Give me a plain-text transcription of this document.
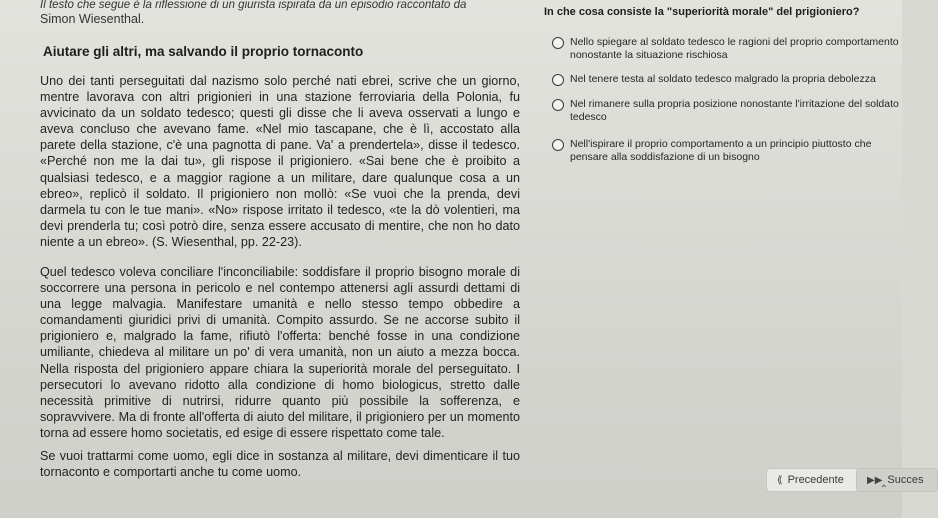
Il testo che segue è la riflessione di un giurista ispirata da un episodio raccontato da
Simon Wiesenthal.
Aiutare gli altri, ma salvando il proprio tornaconto

Uno dei tanti perseguitati dal nazismo solo perché nati ebrei, scrive che un giorno, mentre lavorava con altri prigionieri in una stazione ferroviaria della Polonia, fu avvicinato da un soldato tedesco; questi gli disse che li aveva osservati a lungo e aveva concluso che avevano fame. «Nel mio tascapane, che è lì, accostato alla parete della stazione, c'è una pagnotta di pane. Va' a prendertela», disse il tedesco. «Perché non me la dai tu», gli rispose il prigioniero. «Sai bene che è proibito a qualsiasi tedesco, e a maggior ragione a un militare, dare qualunque cosa a un ebreo», replicò il soldato. Il prigioniero non mollò: «Se vuoi che la prenda, devi darmela tu con le tue mani». «No» rispose irritato il tedesco, «te la dò volentieri, ma devi prenderla tu; così potrò dire, senza essere accusato di mentire, che non ho dato niente a un ebreo». (S. Wiesenthal, pp. 22-23).

Quel tedesco voleva conciliare l'inconciliabile: soddisfare il proprio bisogno morale di soccorrere una persona in pericolo e nel contempo attenersi agli assurdi dettami di una legge malvagia. Manifestare umanità e nello stesso tempo obbedire a comandamenti giuridici privi di umanità. Compito assurdo. Se ne accorse subito il prigioniero e, malgrado la fame, rifiutò l'offerta: benché fosse in una condizione umiliante, chiedeva al militare un po' di vera umanità, non un aiuto a mezza bocca. Nella risposta del prigioniero appare chiara la superiorità morale del perseguitato. I persecutori lo avevano ridotto alla condizione di homo biologicus, stretto dalle necessità primitive di nutrirsi, ridurre quanto più possibile la sofferenza, e sopravvivere. Ma di fronte all'offerta di aiuto del militare, il prigioniero per un momento torna ad essere homo societatis, ed esige di essere rispettato come tale.

Se vuoi trattarmi come uomo, egli dice in sostanza al militare, devi dimenticare il tuo tornaconto e comportarti anche tu come uomo.

In che cosa consiste la "superiorità morale" del prigioniero?
Nello spiegare al soldato tedesco le ragioni del proprio comportamento nonostante la situazione rischiosa
Nel tenere testa al soldato tedesco malgrado la propria debolezza
Nel rimanere sulla propria posizione nonostante l'irritazione del soldato tedesco
Nell'ispirare il proprio comportamento a un principio piuttosto che pensare alla soddisfazione di un bisogno
⟪ Precedente ▶▶ Succes
⌃
